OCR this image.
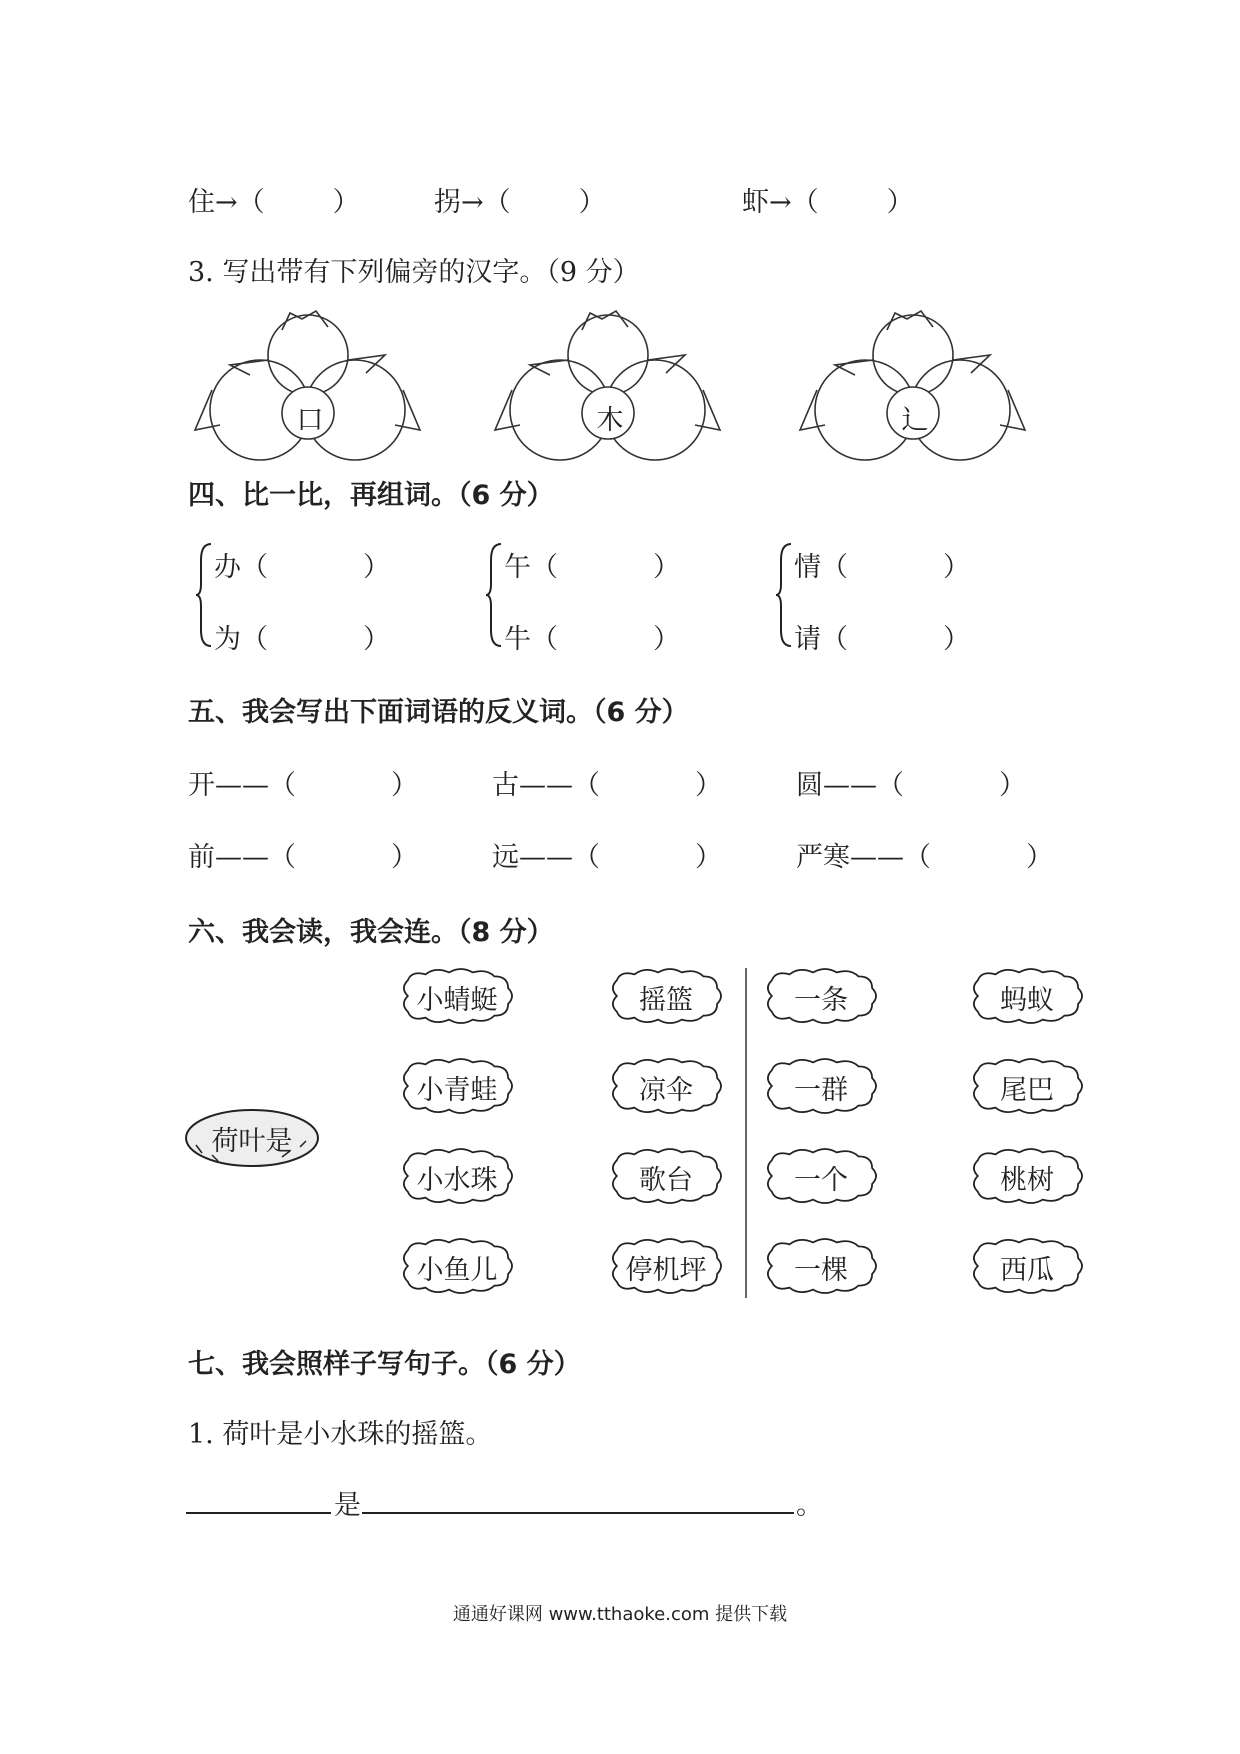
住→（	）	拐→（	）	虾→（	）
3. 写出带有下列偏旁的汉字。（9 分）
口	木	辶
四、比一比，再组词。（6 分）
办（	）
为（	）
午（	）
牛（	）
情（	）
请（	）
五、我会写出下面词语的反义词。（6 分）
开——（	）	古——（	）	圆——（	）
前——（	）	远——（	）	严寒——（	）
六、我会读，我会连。（8 分）
荷叶是
小蜻蜓
小青蛙
小水珠
小鱼儿
摇篮
凉伞
歌台
停机坪
一条
一群
一个
一棵
蚂蚁
尾巴
桃树
西瓜
七、我会照样子写句子。（6 分）
1. 荷叶是小水珠的摇篮。
是	。
通通好课网 www.tthaoke.com 提供下载
